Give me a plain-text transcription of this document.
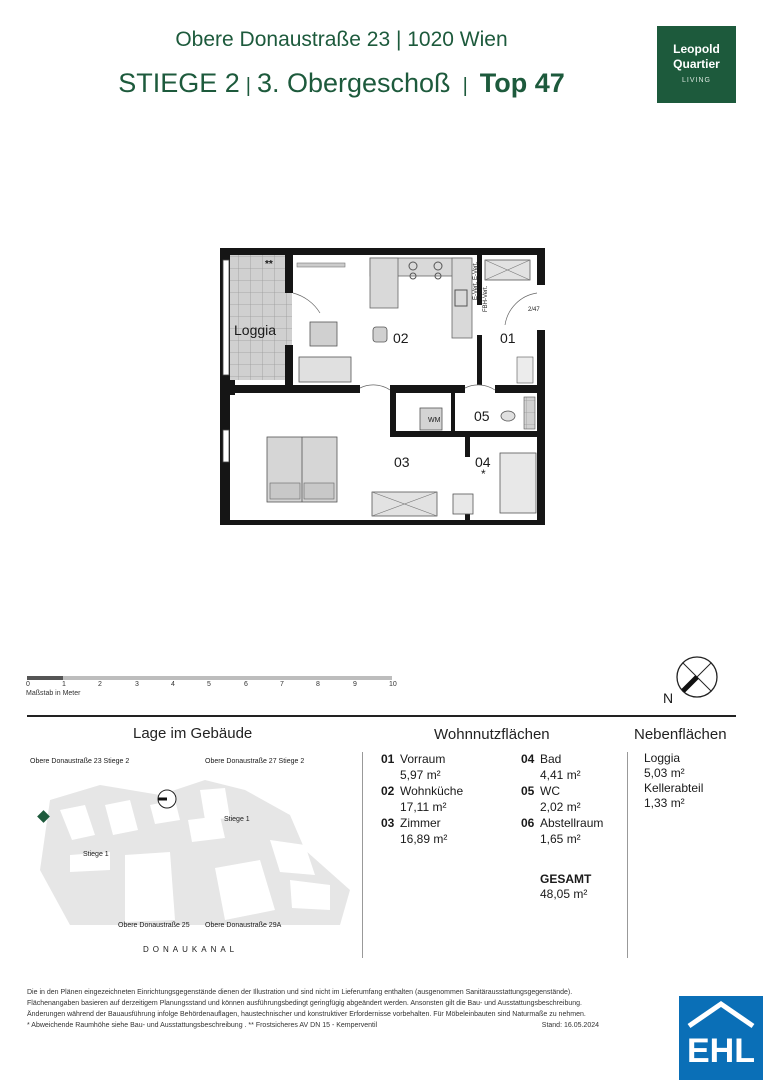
Obere Donaustraße 23 | 1020 Wien
STIEGE 2 | 3. Obergeschoß | Top 47
Leopold
Quartier
LIVING
Loggia
**
02	01
05
03	04
WM
2/47
*
E-Vert. E-Vert.
FBH-Vert.
0	1	2	3	4	5	6	7	8	9	10
Maßstab in Meter	N
Lage im Gebäude	Wohnnutzflächen	Nebenflächen
Obere Donaustraße 23 Stiege 2	Obere Donaustraße 27 Stiege 2
Stiege 1
Stiege 1
Obere Donaustraße 25 Obere Donaustraße 29A
DONAUKANAL
01 Vorraum
5,97 m²
02 Wohnküche
17,11 m²
03 Zimmer
16,89 m²
04 Bad
4,41 m²
05 WC
2,02 m²
06 Abstellraum
1,65 m²
GESAMT
48,05 m²
Loggia
5,03 m²
Kellerabteil
1,33 m²
Die in den Plänen eingezeichneten Einrichtungsgegenstände dienen der Illustration und sind nicht im Lieferumfang enthalten (ausgenommen Sanitärausstattungsgegenstände).
Flächenangaben basieren auf derzeitigem Planungsstand und können ausführungsbedingt geringfügig abgeändert werden. Ansonsten gilt die Bau- und Ausstattungsbeschreibung.
Änderungen während der Bauausführung infolge Behördenauflagen, haustechnischer und konstruktiver Erfordernisse vorbehalten. Für Möbeleinbauten sind Naturmaße zu nehmen.
* Abweichende Raumhöhe siehe Bau- und Ausstattungsbeschreibung . ** Frostsicheres AV DN 15 - Kemperventil	Stand: 16.05.2024
EHL
